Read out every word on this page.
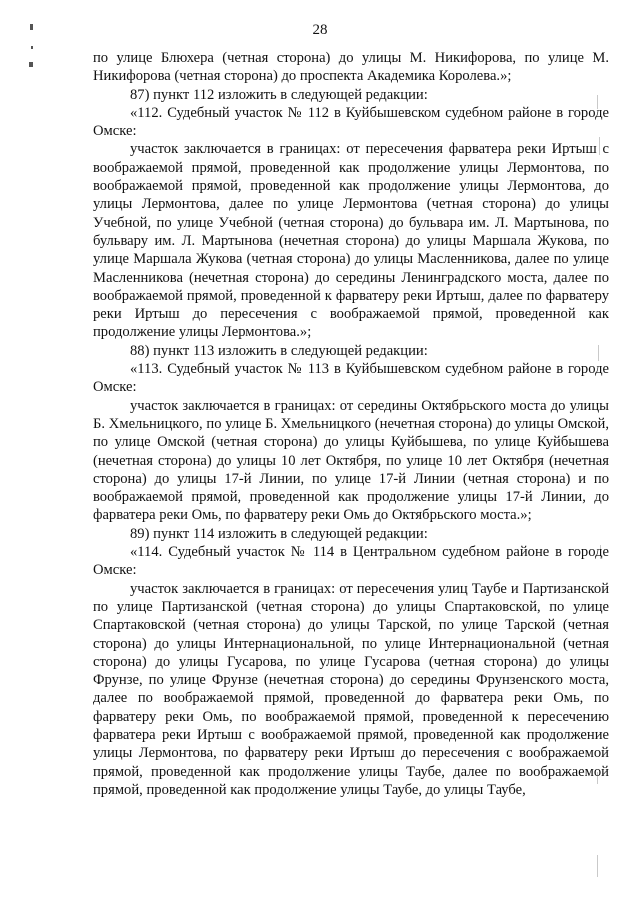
28

по улице Блюхера (четная сторона) до улицы М. Никифорова, по улице М. Никифорова (четная сторона) до проспекта Академика Королева.»;

87) пункт 112 изложить в следующей редакции:

«112. Судебный участок № 112 в Куйбышевском судебном районе в городе Омске:

участок заключается в границах: от пересечения фарватера реки Иртыш с воображаемой прямой, проведенной как продолжение улицы Лермонтова, по воображаемой прямой, проведенной как продолжение улицы Лермонтова, до улицы Лермонтова, далее по улице Лермонтова (четная сторона) до улицы Учебной, по улице Учебной (четная сторона) до бульвара им. Л. Мартынова, по бульвару им. Л. Мартынова (нечетная сторона) до улицы Маршала Жукова, по улице Маршала Жукова (четная сторона) до улицы Масленникова, далее по улице Масленникова (нечетная сторона) до середины Ленинградского моста, далее по воображаемой прямой, проведенной к фарватеру реки Иртыш, далее по фарватеру реки Иртыш до пересечения с воображаемой прямой, проведенной как продолжение улицы Лермонтова.»;

88) пункт 113 изложить в следующей редакции:

«113. Судебный участок № 113 в Куйбышевском судебном районе в городе Омске:

участок заключается в границах: от середины Октябрьского моста до улицы Б. Хмельницкого, по улице Б. Хмельницкого (нечетная сторона) до улицы Омской, по улице Омской (четная сторона) до улицы Куйбышева, по улице Куйбышева (нечетная сторона) до улицы 10 лет Октября, по улице 10 лет Октября (нечетная сторона) до улицы 17-й Линии, по улице 17-й Линии (четная сторона) и по воображаемой прямой, проведенной как продолжение улицы 17-й Линии, до фарватера реки Омь, по фарватеру реки Омь до Октябрьского моста.»;

89) пункт 114 изложить в следующей редакции:

«114. Судебный участок № 114 в Центральном судебном районе в городе Омске:

участок заключается в границах: от пересечения улиц Таубе и Партизанской по улице Партизанской (четная сторона) до улицы Спартаковской, по улице Спартаковской (четная сторона) до улицы Тарской, по улице Тарской (четная сторона) до улицы Интернациональной, по улице Интернациональной (четная сторона) до улицы Гусарова, по улице Гусарова (четная сторона) до улицы Фрунзе, по улице Фрунзе (нечетная сторона) до середины Фрунзенского моста, далее по воображаемой прямой, проведенной до фарватера реки Омь, по фарватеру реки Омь, по воображаемой прямой, проведенной к пересечению фарватера реки Иртыш с воображаемой прямой, проведенной как продолжение улицы Лермонтова, по фарватеру реки Иртыш до пересечения с воображаемой прямой, проведенной как продолжение улицы Таубе, далее по воображаемой прямой, проведенной как продолжение улицы Таубе, до улицы Таубе,
